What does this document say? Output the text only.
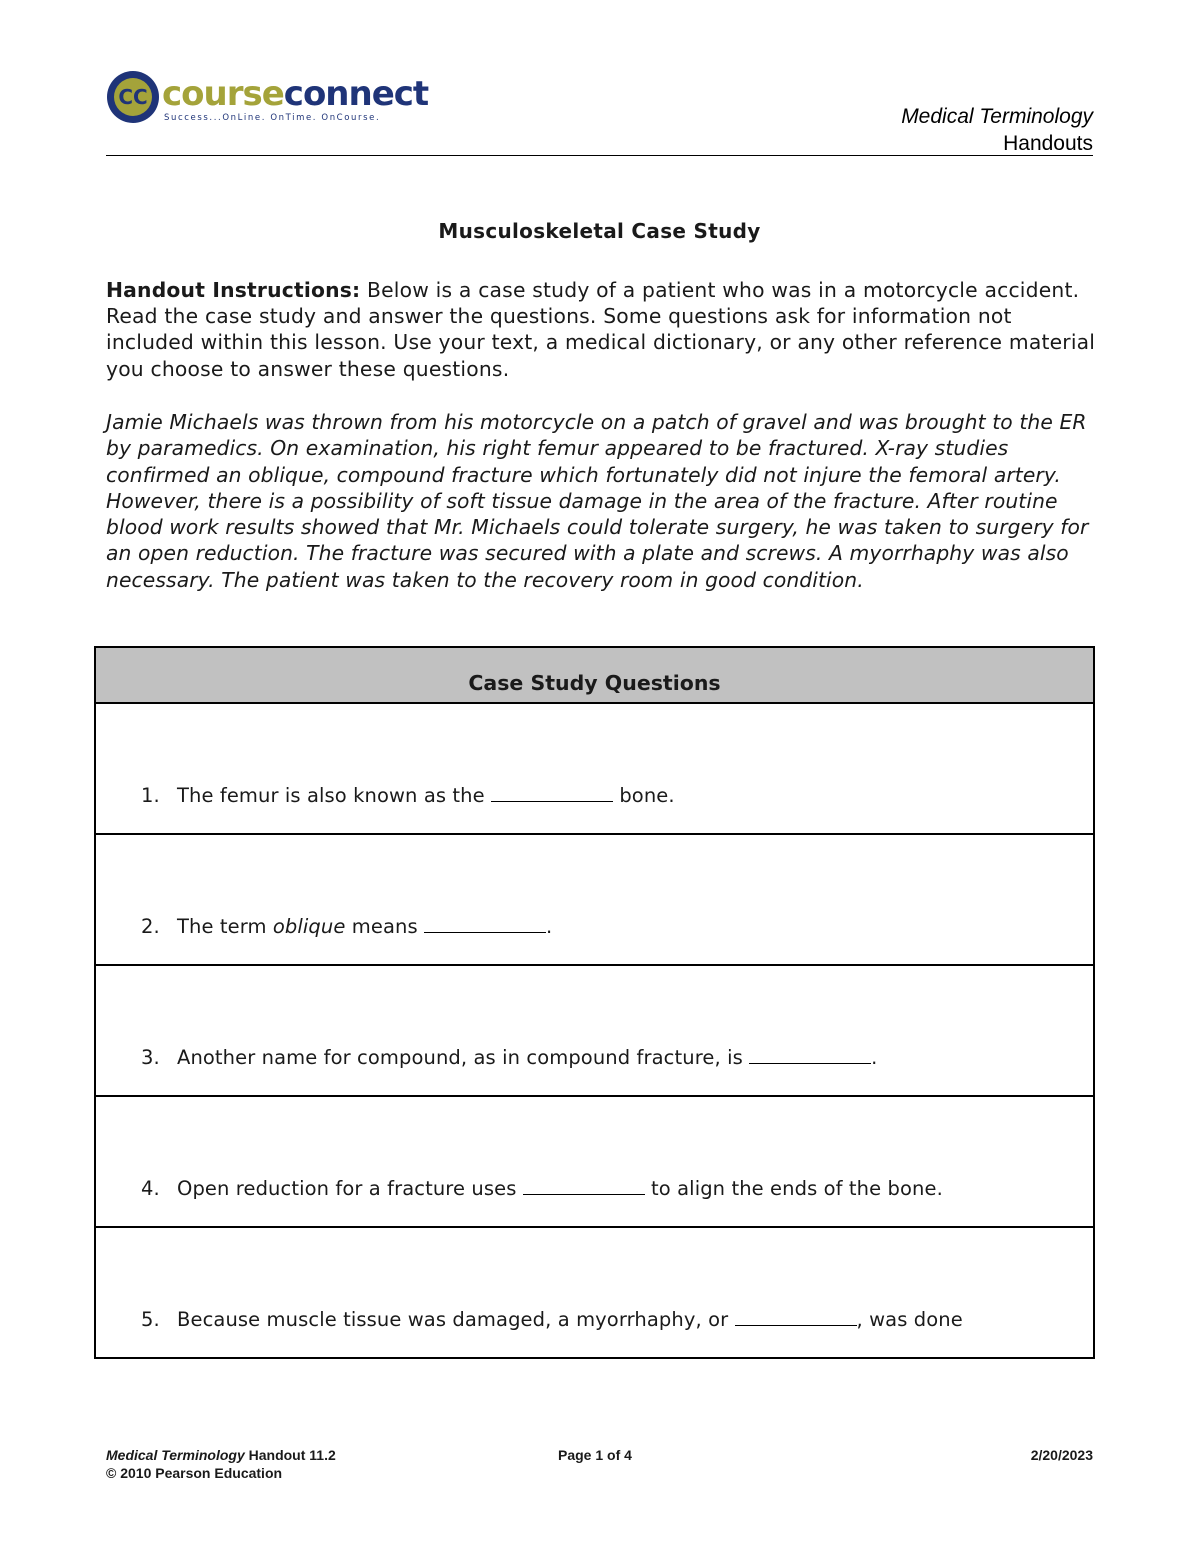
CC courseconnect
Success...OnLine. OnTime. OnCourse.	Medical Terminology
Handouts
Musculoskeletal Case Study
Handout Instructions: Below is a case study of a patient who was in a motorcycle accident. Read the case study and answer the questions. Some questions ask for information not included within this lesson. Use your text, a medical dictionary, or any other reference material you choose to answer these questions.
Jamie Michaels was thrown from his motorcycle on a patch of gravel and was brought to the ER by paramedics. On examination, his right femur appeared to be fractured. X-ray studies confirmed an oblique, compound fracture which fortunately did not injure the femoral artery. However, there is a possibility of soft tissue damage in the area of the fracture. After routine blood work results showed that Mr. Michaels could tolerate surgery, he was taken to surgery for an open reduction. The fracture was secured with a plate and screws. A myorrhaphy was also necessary. The patient was taken to the recovery room in good condition.
Case Study Questions
1. The femur is also known as the	bone.
2. The term oblique means	.
3. Another name for compound, as in compound fracture, is	.
4. Open reduction for a fracture uses	to align the ends of the bone.
5. Because muscle tissue was damaged, a myorrhaphy, or	, was done
Medical Terminology Handout 11.2
© 2010 Pearson Education
Page 1 of 4	2/20/2023
